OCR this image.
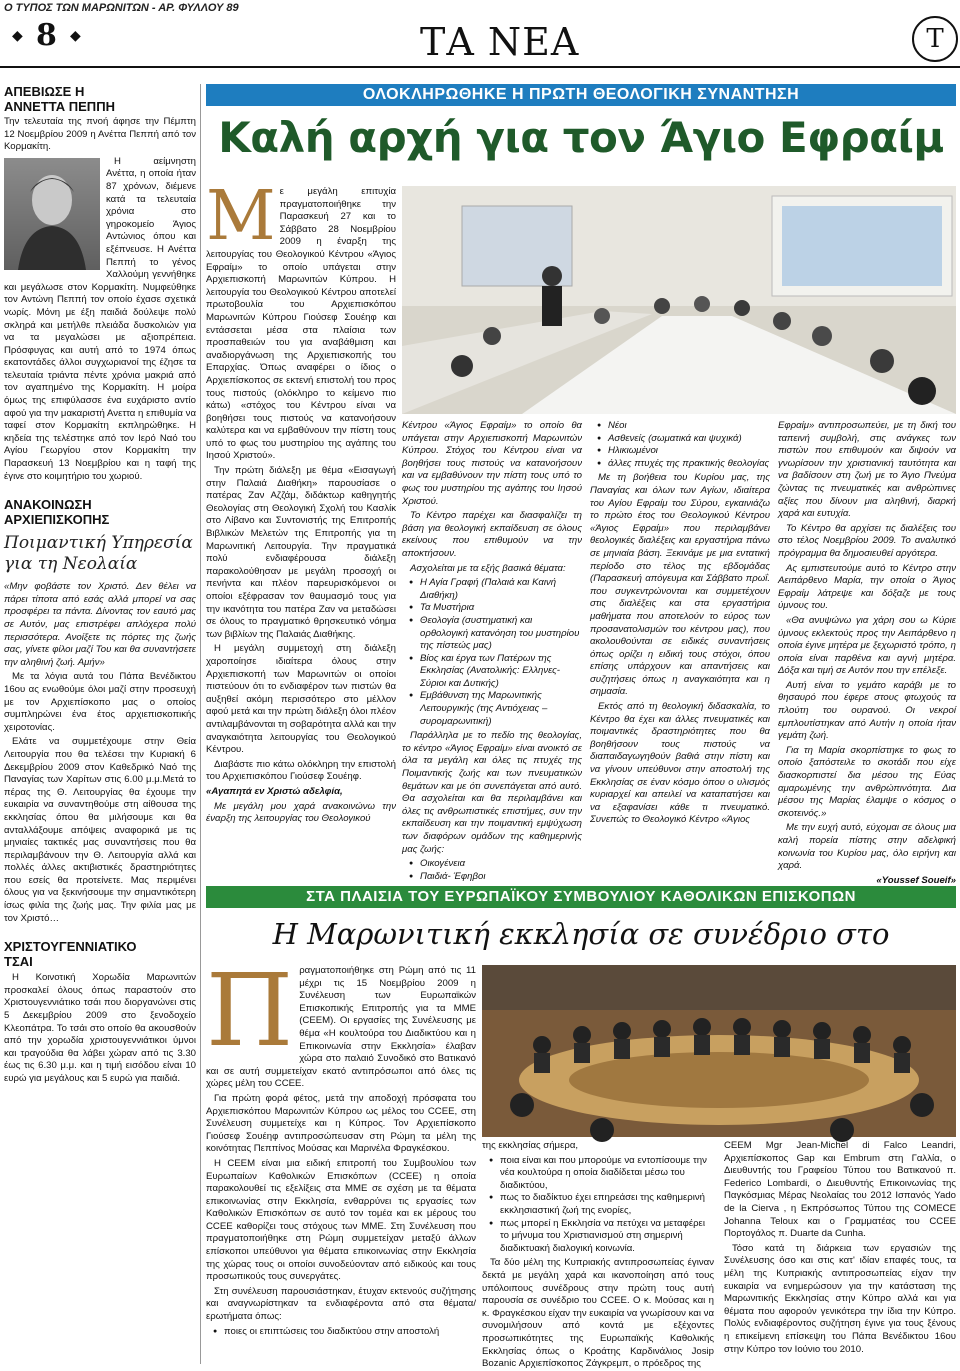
Ο ΤΥΠΟΣ ΤΩΝ ΜΑΡΩΝΙΤΩΝ - ΑΡ. ΦΥΛΛΟΥ 89
◆ 8 ◆	ΤΑ ΝΕΑ	T
ΑΠΕΒΙΩΣΕ Η
ΑΝΝΕΤΤΑ ΠΕΠΠΗ

Την τελευταία της πνοή άφησε την Πέμπτη 12 Νοεμβρίου 2009 η Ανέττα Πεππή από τον Κορμακίτη.

Η αείμνηστη Ανέττα, η οποία ήταν 87 χρόνων, διέμενε κατά τα τελευταία χρόνια στο γηροκομείο Άγιος Αντώνιος όπου και εξέπνευσε. Η Ανέττα Πεππή το γένος Χαλλούμη γεννήθηκε και μεγάλωσε στον Κορμακίτη. Νυμφεύθηκε τον Αντώνη Πεππή τον οποίο έχασε σχετικά νωρίς. Μόνη με έξη παιδιά δούλεψε πολύ σκληρά και μετήλθε πλειάδα δυσκολιών για να τα μεγαλώσει με αξιοπρέπεια. Πρόσφυγας και αυτή από το 1974 όπως εκατοντάδες άλλοι συγχωριανοί της έζησε τα τελευταία τριάντα πέντε χρόνια μακριά από τον αγαπημένο της Κορμακίτη. Η μοίρα όμως της επιφύλασσε ένα ευχάριστο αντίο αφού για την μακαριστή Ανεττα η επιθυμία να ταφεί στον Κορμακίτη εκπληρώθηκε. Η κηδεία της τελέστηκε από τον Ιερό Ναό του Αγίου Γεωργίου στον Κορμακίτη την Παρασκευή 13 Νοεμβρίου και η ταφή της έγινε στο κοιμητήριο του χωριού.

ΑΝΑΚΟΙΝΩΣΗ
ΑΡΧΙΕΠΙΣΚΟΠΗΣ
Ποιμαντική Υπηρεσία για τη Νεολαία

«Μην φοβάστε τον Χριστό. Δεν θέλει να πάρει τίποτα από εσάς αλλά μπορεί να σας προσφέρει τα πάντα. Δίνοντας τον εαυτό μας σε Αυτόν, μας επιστρέφει απλόχερα πολύ περισσότερα. Ανοίξετε τις πόρτες της ζωής σας, γίνετε φίλοι μαζί Του και θα συναντήσετε την αληθινή ζωή. Αμήν»

Με τα λόγια αυτά του Πάπα Βενέδικτου 16ου ας ενωθούμε όλοι μαζί στην προσευχή με τον Αρχιεπίσκοπο μας ο οποίος συμπληρώνει ένα έτος αρχιεπισκοπικής χειροτονίας.

Ελάτε να συμμετέχουμε στην Θεία Λειτουργία που θα τελέσει την Κυριακή 6 Δεκεμβρίου 2009 στον Καθεδρικό Ναό της Παναγίας των Χαρίτων στις 6.00 μ.μ.Μετά το πέρας της Θ. Λειτουργίας θα έχουμε την ευκαιρία να συναντηθούμε στη αίθουσα της εκκλησίας όπου θα μιλήσουμε και θα ανταλλάξουμε απόψεις αναφορικά με τις μηνιαίες τακτικές μας συναντήσεις που θα περιλαμβάνουν την Θ. Λειτουργία αλλά και πολλές άλλες ακτιβιστικές δραστηριότητες που εσείς θα προτείνετε. Μας περιμένει όλους για να ξεκινήσουμε την σημαντικότερη ίσως φιλία της ζωής μας. Την φιλία μας με τον Χριστό…

ΧΡΙΣΤΟΥΓΕΝΝΙΑΤΙΚΟ
ΤΣΑΙ

Η Κοινοτική Χορωδία Μαρωνιτών προσκαλεί όλους όπως παραστούν στο Χριστουγεννιάτικο τσάι που διοργανώνει στις 5 Δεκεμβρίου 2009 στο ξενοδοχείο Κλεοπάτρα. Το τσάι στο οποίο θα ακουσθούν από την χορωδία χριστουγεννιάτικοι ύμνοι και τραγούδια θα λάβει χώραν από τις 3.30 έως τις 6.30 μ.μ. και η τιμή εισόδου είναι 10 ευρώ για μεγάλους και 5 ευρώ για παιδιά.

ΟΛΟΚΛΗΡΩΘΗΚΕ Η ΠΡΩΤΗ ΘΕΟΛΟΓΙΚΗ ΣΥΝΑΝΤΗΣΗ
Καλή αρχή για τον Άγιο Εφραίμ
Μ ε μεγάλη επιτυχία πραγματοποιήθηκε την Παρασκευή 27 και το Σάββατο 28 Νοεμβρίου 2009 η έναρξη της λειτουργίας του Θεολογικού Κέντρου «Άγιος Εφραίμ» το οποίο υπάγεται στην Αρχιεπισκοπή Μαρωνιτών Κύπρου. Η λειτουργία του Θεολογικού Κέντρου αποτελεί πρωτοβουλία του Αρχιεπισκόπου Μαρωνιτών Κύπρου Γιούσεφ Σουέηφ και εντάσσεται μέσα στα πλαίσια των προσπαθειών του για αναβάθμιση και αναδιοργάνωση της Αρχιεπισκοπής του Επαρχίας. Όπως αναφέρει ο ίδιος ο Αρχιεπίσκοπος σε εκτενή επιστολή του προς τους πιστούς (ολόκληρο το κείμενο πιο κάτω) «στόχος του Κέντρου είναι να βοηθήσει τους πιστούς να κατανοήσουν καλύτερα και να εμβαθύνουν την πίστη τους υπό το φως του μυστηρίου της αγάπης του Ιησού Χριστού».

Την πρώτη διάλεξη με θέμα «Εισαγωγή στην Παλαιά Διαθήκη» παρουσίασε ο πατέρας Ζαν Αζζάμ, διδάκτωρ καθηγητής Θεολογίας στη Θεολογική Σχολή του Κασλίκ στο Λίβανο και Συντονιστής της Επιτροπής Βιβλικών Μελετών της Επιτροπής για τη Μαρωνιτική Λειτουργία. Την πραγματικά πολύ ενδιαφέρουσα διάλεξη παρακολούθησαν με μεγάλη προσοχή οι πενήντα και πλέον παρευρισκόμενοι οι οποίοι εξέφρασαν τον θαυμασμό τους για την ικανότητα του πατέρα Ζαν να μεταδώσει σε όλους το πραγματικό θρησκευτικό νόημα των βιβλίων της Παλαιάς Διαθήκης.

Η μεγάλη συμμετοχή στη διάλεξη χαροποίησε ιδιαίτερα όλους στην Αρχιεπισκοπή των Μαρωνιτών οι οποίοι πιστεύουν ότι το ενδιαφέρον των πιστών θα αυξηθεί ακόμη περισσότερο στο μέλλον αφού μετά και την πρώτη διάλεξη όλοι πλέον αντιλαμβάνονται τη σοβαρότητα αλλά και την αναγκαιότητα λειτουργίας του Θεολογικού Κέντρου.

Διαβάστε πιο κάτω ολόκληρη την επιστολή του Αρχιεπισκόπου Γιούσεφ Σουέηφ.

«Αγαπητά εν Χριστώ αδελφία,

Με μεγάλη μου χαρά ανακοινώνω την έναρξη της λειτουργίας του Θεολογικού

Κέντρου «Άγιος Εφραίμ» το οποίο θα υπάγεται στην Αρχιεπισκοπή Μαρωνιτών Κύπρου. Στόχος του Κέντρου είναι να βοηθήσει τους πιστούς να κατανοήσουν και να εμβαθύνουν την πίστη τους υπό το φως του μυστηρίου της αγάπης του Ιησού Χριστού.

Το Κέντρο παρέχει και διασφαλίζει τη βάση για θεολογική εκπαίδευση σε όλους εκείνους που επιθυμούν να την αποκτήσουν.

Ασχολείται με τα εξής βασικά θέματα:

● Η Αγία Γραφή (Παλαιά και Καινή Διαθήκη)
● Τα Μυστήρια
● Θεολογία (συστηματική και ορθολογική κατανόηση του μυστηρίου της πίστεώς μας)
● Βίος και έργα των Πατέρων της Εκκλησίας (Ανατολικής: Ελληνες-Σύριοι και Δυτικής)
● Εμβάθυνση της Μαρωνιτικής Λειτουργικής (της Αντιόχειας – συρομαρωνιτική)

Παράλληλα με το πεδίο της θεολογίας, το κέντρο «Άγιος Εφραίμ» είναι ανοικτό σε όλα τα μεγάλη και όλες τις πτυχές της Ποιμαντικής ζωής και των πνευματικών θεμάτων και με ότι συνεπάγεται από αυτό. Θα ασχολείται και θα περιλαμβάνει και όλες τις ανθρωπιστικές επιστήμες, συν την εκπαίδευση και την ποιμαντική εμψύχωση των διαφόρων ομάδων της καθημερινής μας ζωής:

● Οικογένεια
● Παιδιά- Έφηβοι
● Νέοι
● Ασθενείς (σωματικά και ψυχικά)
● Ηλικιωμένοι
● άλλες πτυχές της πρακτικής θεολογίας

Με τη βοήθεια του Κυρίου μας, της Παναγίας και όλων των Αγίων, ιδιαίτερα του Αγίου Εφραίμ του Σύρου, εγκαινιάζω το πρώτο έτος του Θεολογικού Κέντρου «Άγιος Εφραίμ» που περιλαμβάνει θεολογικές διαλέξεις και εργαστήρια πάνω σε μηνιαία βάση. Ξεκινάμε με μια εντατική περίοδο στο τέλος της εβδομάδας (Παρασκευή απόγευμα και Σάββατο πρωΐ. που συγκεντρώνονται και συμμετέχουν στις διαλέξεις και στα εργαστήρια μαθήματα που αποτελούν το εύρος των προσανατολισμών του κέντρου μας), που ακολουθούνται σε ειδικές συναντήσεις όπως ορίζει η ειδική τους στόχοι, όπου επίσης υπάρχουν και απαντήσεις και συζητήσεις όπως η αναγκαιότητα και η σημασία.

Εκτός από τη θεολογική διδασκαλία, το Κέντρο θα έχει και άλλες πνευματικές και ποιμαντικές δραστηριότητες που θα βοηθήσουν τους πιστούς να διαπαιδαγωγηθούν βαθιά στην πίστη και να γίνουν υπεύθυνοι στην αποστολή της Εκκλησίας σε έναν κόσμο όπου ο υλισμός κυριαρχεί και απειλεί να καταπατήσει και να εξαφανίσει κάθε τι πνευματικό. Συνεπώς το Θεολογικό Κέντρο «Άγιος

Εφραίμ» αντιπροσωπεύει, με τη δική του ταπεινή συμβολή, στις ανάγκες των πιστών που επιθυμούν και διψούν να γνωρίσουν την χριστιανική ταυτότητα και να βαδίσουν στη ζωή με το Άγιο Πνεύμα ζώντας τις πνευματικές και ανθρώπινες αξίες που δίνουν μια αληθινή, διαρκή χαρά και ευτυχία.

Το Κέντρο θα αρχίσει τις διαλέξεις του στο τέλος Νοεμβρίου 2009. Το αναλυτικό πρόγραμμα θα δημοσιευθεί αργότερα.

Ας εμπιστευτούμε αυτό το Κέντρο στην Αειπάρθενο Μαρία, την οποία ο Άγιος Εφραίμ λάτρεψε και δόξαζε με τους ύμνους του.

«Θα ανυψώνω για χάρη σου ω Κύριε ύμνους εκλεκτούς προς την Αειπάρθενο η οποία έγινε μητέρα με ξεχωριστό τρόπο, η οποία είναι παρθένα και αγνή μητέρα. Δόξα και τιμή σε Αυτόν που την επέλεξε.

Αυτή είναι το γεμάτο καράβι με το θησαυρό που έφερε στους φτωχούς τα πλούτη του ουρανού. Οι νεκροί εμπλουτίστηκαν από Αυτήν η οποία ήταν γεμάτη ζωή.

Για τη Μαρία σκορπίστηκε το φως το οποίο ξαπόστειλε το σκοτάδι που είχε διασκορπιστεί δια μέσου της Εύας αμαρωμένης την ανθρώπινότητα. Δια μέσου της Μαρίας έλαμψε ο κόσμος ο σκοτεινός.»

Με την ευχή αυτό, εύχομαι σε όλους μια καλή πορεία πίστης στην αδελφική κοινωνία του Κυρίου μας, όλο ειρήνη και χαρά.

«Youssef Soueif»

ΣΤΑ ΠΛΑΙΣΙΑ ΤΟΥ ΕΥΡΩΠΑΪΚΟΥ ΣΥΜΒΟΥΛΙΟΥ ΚΑΘΟΛΙΚΩΝ ΕΠΙΣΚΟΠΩΝ
Η Μαρωνιτική εκκλησία σε συνέδριο στο
Π ραγματοποιήθηκε στη Ρώμη από τις 11 μέχρι τις 15 Νοεμβρίου 2009 η Συνέλευση των Ευρωπαϊκών Επισκοπικής Επιτροπής για τα ΜΜΕ (CEEM). Οι εργασίες της Συνέλευσης με θέμα «Η κουλτούρα του Διαδικτύου και η Επικοινωνία στην Εκκλησία» έλαβαν χώρα στο παλαιό Συνοδικό στο Βατικανό και σε αυτή συμμετείχαν εκατό αντιπρόσωποι από όλες τις χώρες μέλη του CCEE.

Για πρώτη φορά φέτος, μετά την αποδοχή πρόσφατα του Αρχιεπισκόπου Μαρωνιτών Κύπρου ως μέλος του CCEE, στη Συνέλευση συμμετείχε και η Κύπρος. Τον Αρχιεπίσκοπο Γιούσεφ Σουέηφ αντιπροσώπευσαν στη Ρώμη τα μέλη της κοινότητας Πεππίνος Μούσας και Μαρινέλα Φραγκέσκου.

Η CEEM είναι μια ειδική επιτροπή του Συμβουλίου των Ευρωπαίων Καθολικών Επισκόπων (CCEE) η οποία παρακολουθεί τις εξελίξεις στα ΜΜΕ σε σχέση με τα θέματα επικοινωνίας στην Εκκλησία, ενθαρρύνει τις εργασίες των Καθολικών Επισκόπων σε αυτό τον τομέα και εκ μέρους του CCEE καθορίζει τους στόχους των ΜΜΕ. Στη Συνέλευση που πραγματοποιήθηκε στη Ρώμη συμμετείχαν μεταξύ άλλων επίσκοποι υπεύθυνοι για θέματα επικοινωνίας στην Εκκλησία της χώρας τους οι οποίοι συνοδεύονταν από ειδικούς και τους προσωπικούς τους συνεργάτες.

Στη συνέλευση παρουσιάστηκαν, έτυχαν εκτενούς συζήτησης και αναγνωρίστηκαν τα ενδιαφέροντα από στα θέματα/ερωτήματα όπως:

● ποιες οι επιπτώσεις του διαδικτύου στην αποστολή

της εκκλησίας σήμερα,

● ποια είναι και που μπορούμε να εντοπίσουμε την νέα κουλτούρα η οποία διαδίδεται μέσω του διαδικτύου,
● πως το διαδίκτυο έχει επηρεάσει της καθημερινή εκκλησιαστική ζωή της ενορίες,
● πως μπορεί η Εκκλησία να πετύχει να μεταφέρει το μήνυμα του Χριστιανισμού στη σημερινή διαδικτυακή διαλογική κοινωνία.

Τα δύο μέλη της Κυπριακής αντιπροσωπείας έγιναν δεκτά με μεγάλη χαρά και ικανοποίηση από τους υπόλοιπους συνέδρους στην πρώτη τους αυτή παρουσία σε συνέδριο του CCEE. Ο κ. Μούσας και η κ. Φραγκέσκου είχαν την ευκαιρία να γνωρίσουν και να συνομιλήσουν από κοντά με εξέχοντες προσωπικότητες της Ευρωπαϊκής Καθολικής Εκκλησίας όπως ο Κροάτης Καρδινάλιος Josip Bozanic Αρχιεπίσκοπος Ζάγκρεμπ, ο πρόεδρος της

CEEM Mgr Jean-Michel di Falco Leandri, Αρχιεπίσκοπος Gap και Embrum στη Γαλλία, ο Διευθυντής του Γραφείου Τύπου του Βατικανού π. Federico Lombardi, ο Διευθυντής Επικοινωνίας της Παγκόσμιας Μέρας Νεολαίας του 2012 Ισπανός Yado de la Cierva , η Εκπρόσωπος Τύπου της COMECE Johanna Teloux και ο Γραμματέας του CCEE Πορτογάλος π. Duarte da Cunha.

Τόσο κατά τη διάρκεια των εργασιών της Συνέλευσης όσο και στις κατ' ιδίαν επαφές τους, τα μέλη της Κυπριακής αντιπροσωπείας είχαν την ευκαιρία να ενημερώσουν για την κατάσταση της Μαρωνιτικής Εκκλησίας στην Κύπρο αλλά και για θέματα που αφορούν γενικότερα την ίδια την Κύπρο. Πολύς ενδιαφέροντος συζήτηση έγινε για τους ξένους η επικείμενη επίσκεψη του Πάπα Βενέδικτου 16ου στην Κύπρο τον Ιούνιο του 2010.
